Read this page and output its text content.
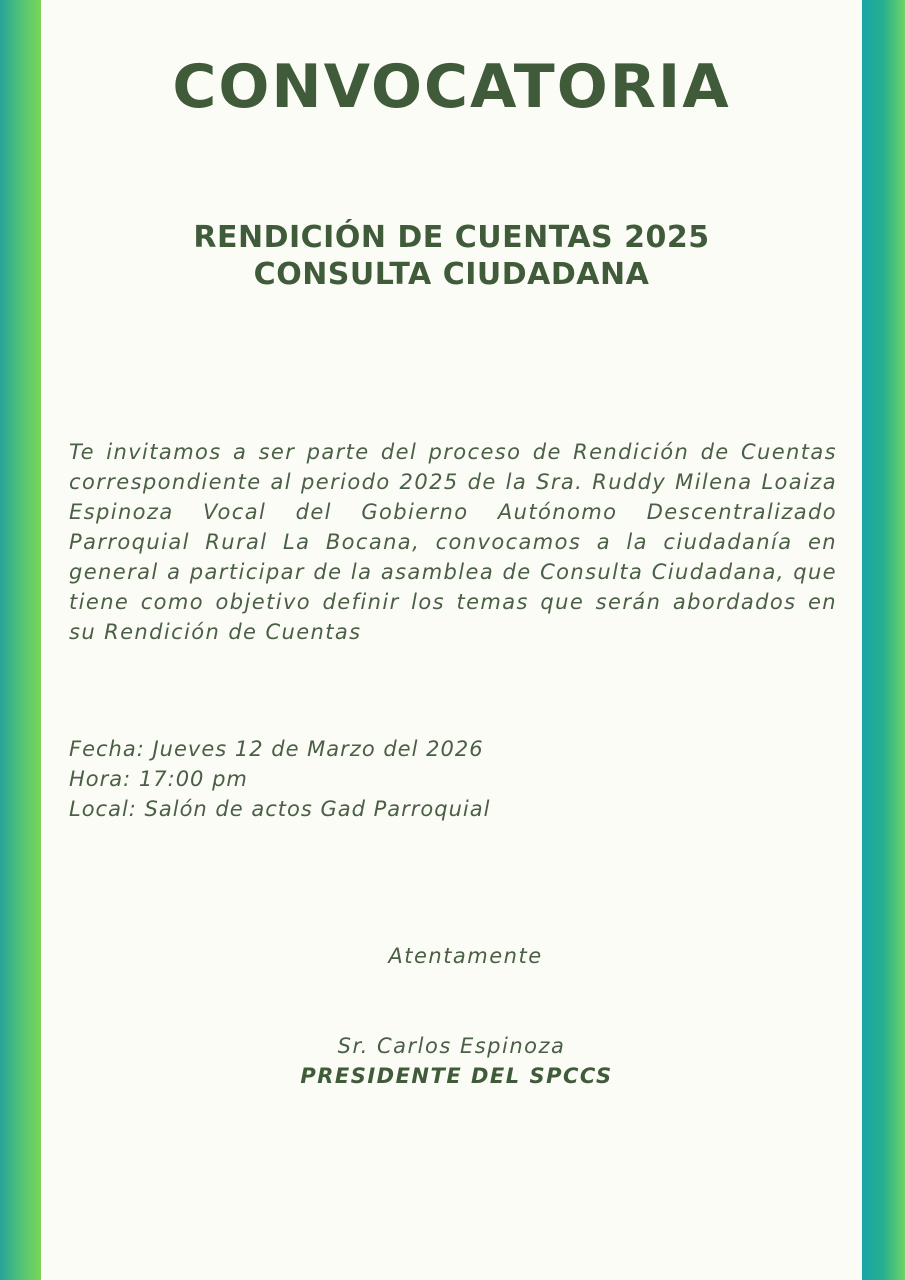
CONVOCATORIA
RENDICIÓN DE CUENTAS 2025
CONSULTA CIUDADANA

Te invitamos a ser parte del proceso de Rendición de Cuentas correspondiente al periodo 2025 de la Sra. Ruddy Milena Loaiza Espinoza Vocal del Gobierno Autónomo Descentralizado Parroquial Rural La Bocana, convocamos a la ciudadanía en general a participar de la asamblea de Consulta Ciudadana, que tiene como objetivo definir los temas que serán abordados en su Rendición de Cuentas

Fecha: Jueves 12 de Marzo del 2026
Hora: 17:00 pm
Local: Salón de actos Gad Parroquial
Atentamente
Sr. Carlos Espinoza
PRESIDENTE DEL SPCCS
